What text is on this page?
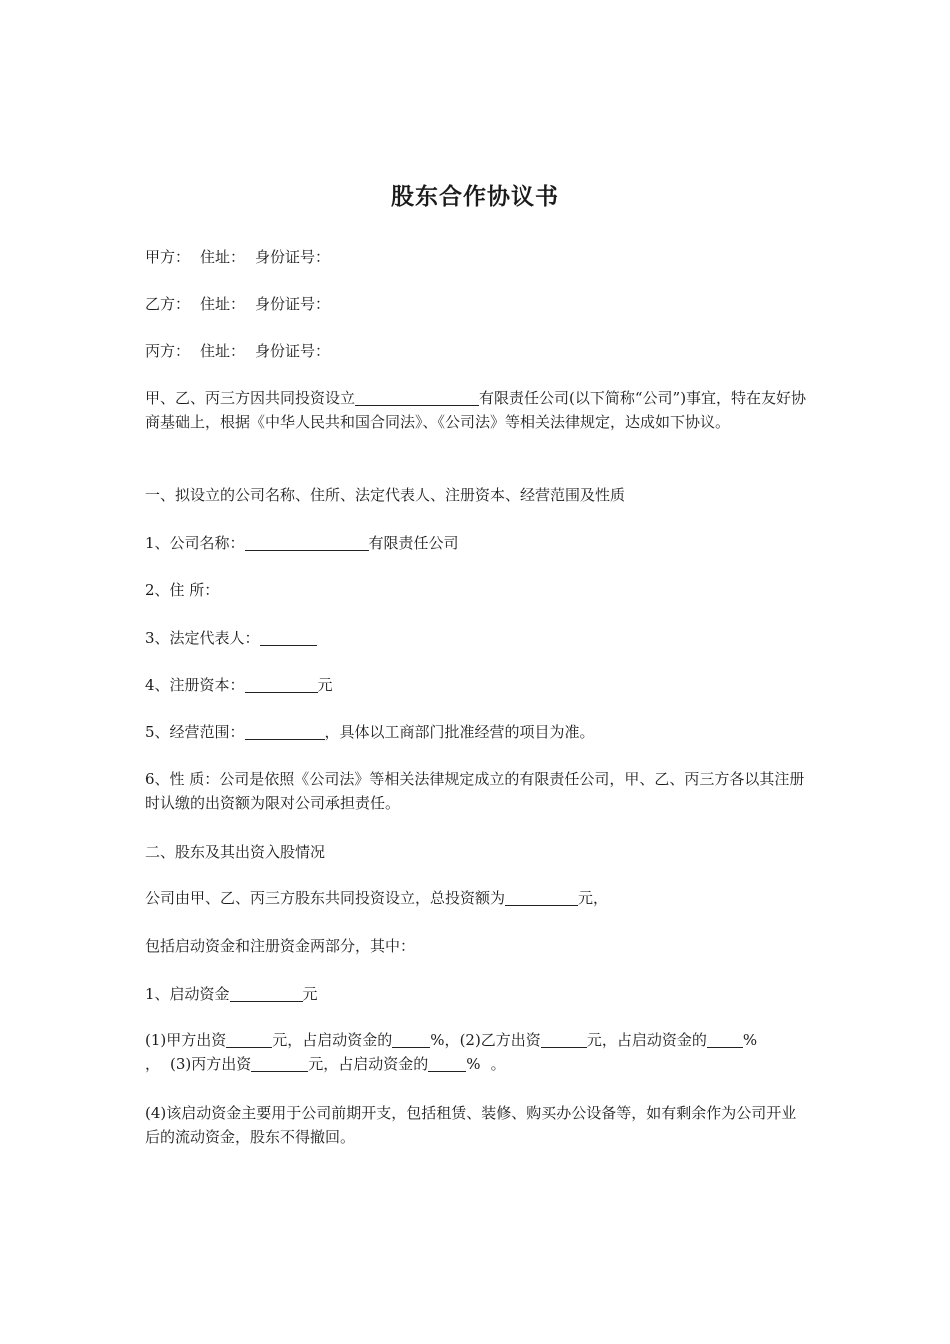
股东合作协议书
甲方： 住址： 身份证号：
乙方： 住址： 身份证号：
丙方： 住址： 身份证号：
甲、乙、丙三方因共同投资设立	有限责任公司(以下简称“公司”)事宜，特在友好协商基础上，根据《中华人民共和国合同法》、《公司法》等相关法律规定，达成如下协议。
一、拟设立的公司名称、住所、法定代表人、注册资本、经营范围及性质
1、公司名称：	有限责任公司
2、住 所：
3、法定代表人：
4、注册资本：	元
5、经营范围：	，具体以工商部门批准经营的项目为准。
6、性 质：公司是依照《公司法》等相关法律规定成立的有限责任公司，甲、乙、丙三方各以其注册时认缴的出资额为限对公司承担责任。
二、股东及其出资入股情况
公司由甲、乙、丙三方股东共同投资设立，总投资额为	元，
包括启动资金和注册资金两部分，其中：
1、启动资金	元
(1)甲方出资	元，占启动资金的	%，(2)乙方出资	元，占启动资金的 %
， (3)丙方出资	元，占启动资金的	% 。
(4)该启动资金主要用于公司前期开支，包括租赁、装修、购买办公设备等，如有剩余作为公司开业后的流动资金，股东不得撤回。
